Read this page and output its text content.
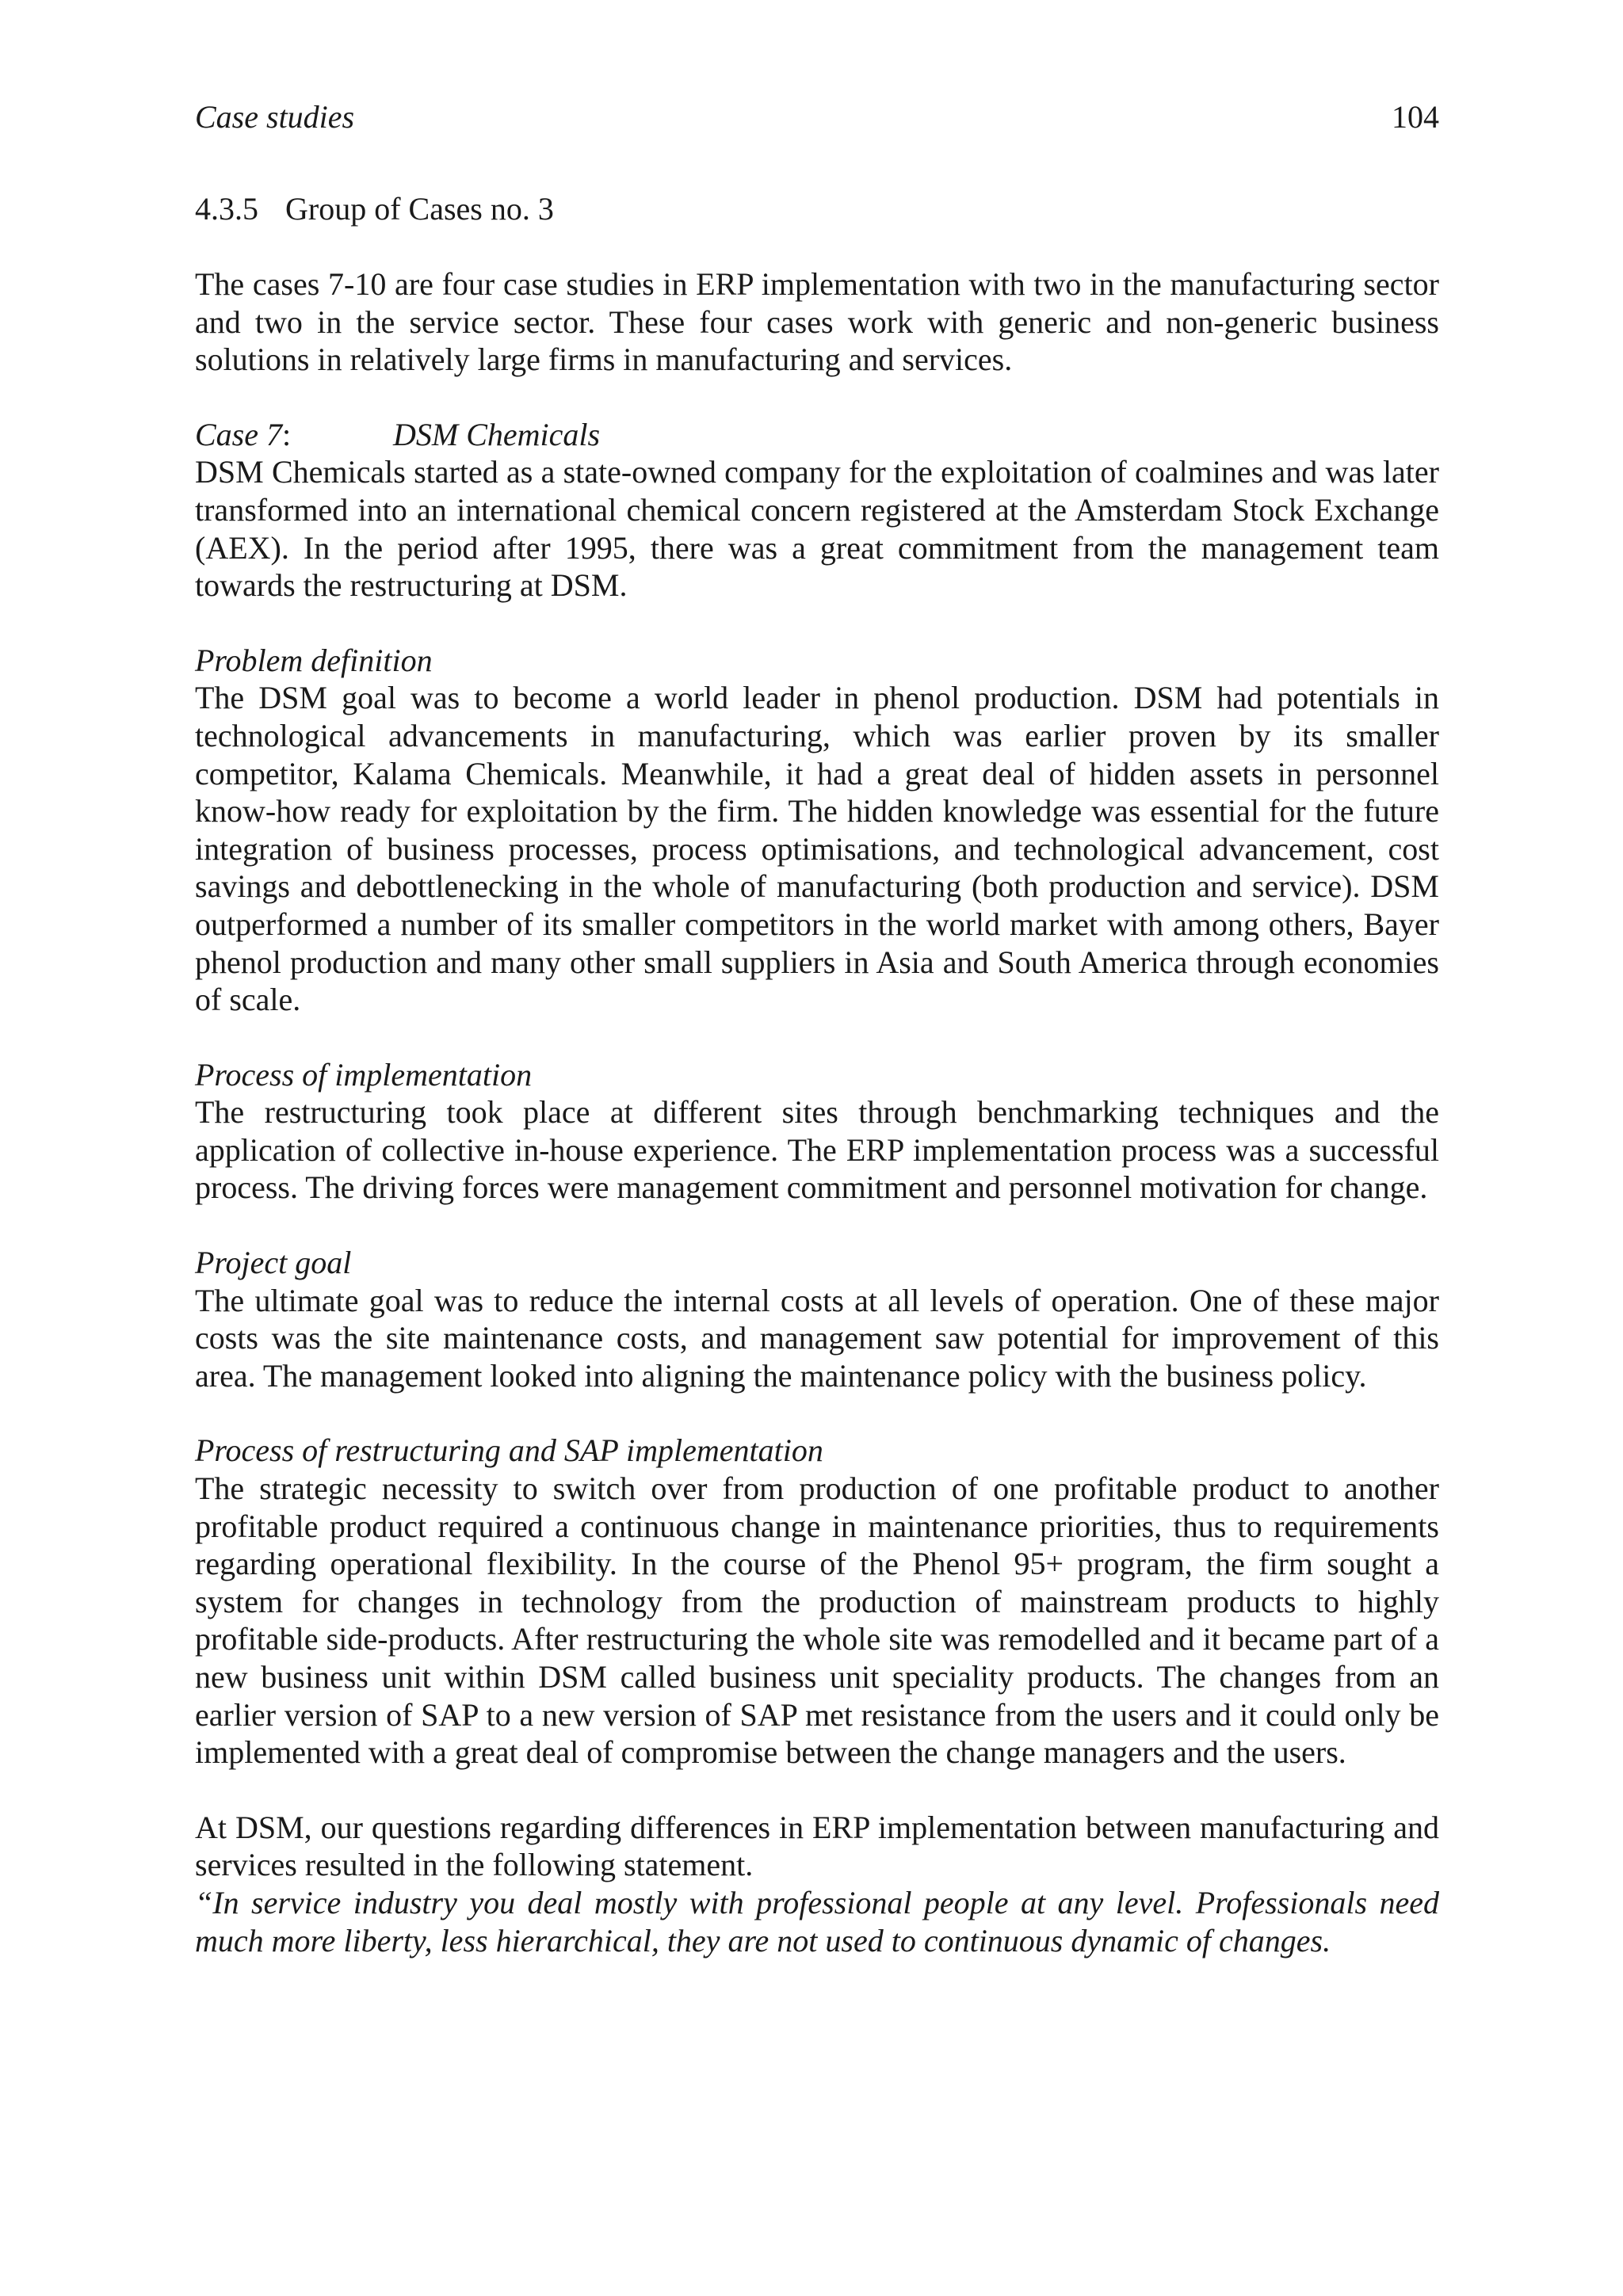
Case studies	104
4.3.5 Group of Cases no. 3

The cases 7-10 are four case studies in ERP implementation with two in the manufacturing sector and two in the service sector. These four cases work with generic and non-generic business solutions in relatively large firms in manufacturing and services.

Case 7:	DSM Chemicals

DSM Chemicals started as a state-owned company for the exploitation of coalmines and was later transformed into an international chemical concern registered at the Amsterdam Stock Exchange (AEX). In the period after 1995, there was a great commitment from the management team towards the restructuring at DSM.

Problem definition

The DSM goal was to become a world leader in phenol production. DSM had potentials in technological advancements in manufacturing, which was earlier proven by its smaller competitor, Kalama Chemicals. Meanwhile, it had a great deal of hidden assets in personnel know-how ready for exploitation by the firm. The hidden knowledge was essential for the future integration of business processes, process optimisations, and technological advancement, cost savings and debottlenecking in the whole of manufacturing (both production and service). DSM outperformed a number of its smaller competitors in the world market with among others, Bayer phenol production and many other small suppliers in Asia and South America through economies of scale.

Process of implementation

The restructuring took place at different sites through benchmarking techniques and the application of collective in-house experience. The ERP implementation process was a successful process. The driving forces were management commitment and personnel motivation for change.

Project goal

The ultimate goal was to reduce the internal costs at all levels of operation. One of these major costs was the site maintenance costs, and management saw potential for improvement of this area. The management looked into aligning the maintenance policy with the business policy.

Process of restructuring and SAP implementation

The strategic necessity to switch over from production of one profitable product to another profitable product required a continuous change in maintenance priorities, thus to requirements regarding operational flexibility. In the course of the Phenol 95+ program, the firm sought a system for changes in technology from the production of mainstream products to highly profitable side-products. After restructuring the whole site was remodelled and it became part of a new business unit within DSM called business unit speciality products. The changes from an earlier version of SAP to a new version of SAP met resistance from the users and it could only be implemented with a great deal of compromise between the change managers and the users.

At DSM, our questions regarding differences in ERP implementation between manufacturing and services resulted in the following statement.

“In service industry you deal mostly with professional people at any level. Professionals need much more liberty, less hierarchical, they are not used to continuous dynamic of changes.
